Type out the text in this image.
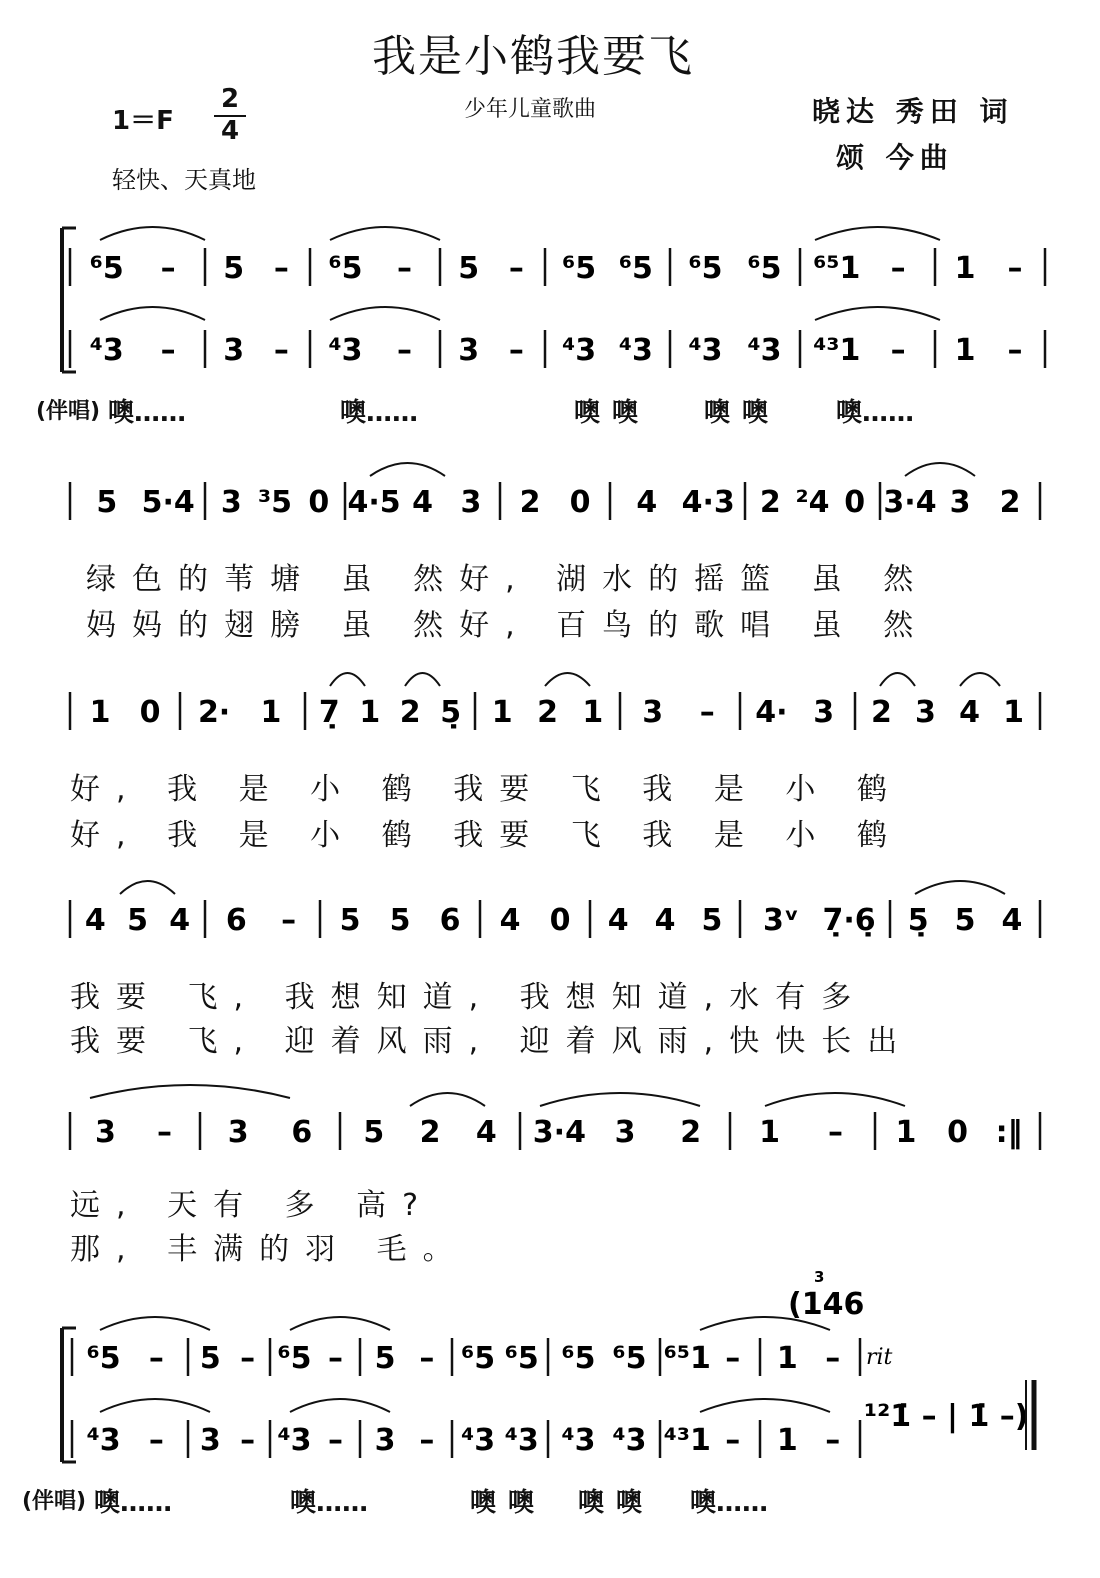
我是小鹤我要飞
少年儿童歌曲
1＝F
2
4
轻快、天真地
晓达 秀田 词
颂 今曲
(伴唱) 噢……	噢……	噢噢 噢噢 噢……
绿色的苇塘 虽 然好, 湖水的摇篮 虽 然
妈妈的翅膀 虽 然好, 百鸟的歌唱 虽 然
好, 我 是 小 鹤 我要 飞 我 是 小 鹤
好, 我 是 小 鹤 我要 飞 我 是 小 鹤
我要 飞, 我想知道, 我想知道,水有多
我要 飞, 迎着风雨, 迎着风雨,快快长出
远, 天有 多 高?
那, 丰满的羽 毛。
(伴唱) 噢……	噢……	噢噢 噢噢 噢……
⁶5 – 5 – ⁶5 – 5 – ⁶5 ⁶5 ⁶5 ⁶5 ⁶⁵1 – 1 –
⁴3 – 3 – ⁴3 – 3 – ⁴3 ⁴3 ⁴3 ⁴3 ⁴³1 – 1 –
5 5·4 3 ³5 0 4·5 4 3 2 0 4 4·3 2 ²4 0 3·4 3 2
1 0 2· 1 7̣ 1 2 5̣ 1 2 1 3 – 4· 3 2 3 4 1
4 5 4 6 – 5 5 6 4 0 4 4 5 3ᵛ 7̣·6̣ 5̣ 5 4
3 – 3 6 5 2 4 3·4 3 2 1 – 1 0 :‖
⁶5 – 5 – ⁶5 – 5 – ⁶5 ⁶5 ⁶5 ⁶5 ⁶⁵1 – 1 –
⁴3 – 3 – ⁴3 – 3 – ⁴3 ⁴3 ⁴3 ⁴3 ⁴³1 – 1 –
3
(146
rit
¹²1̇ – | 1̇ –)
